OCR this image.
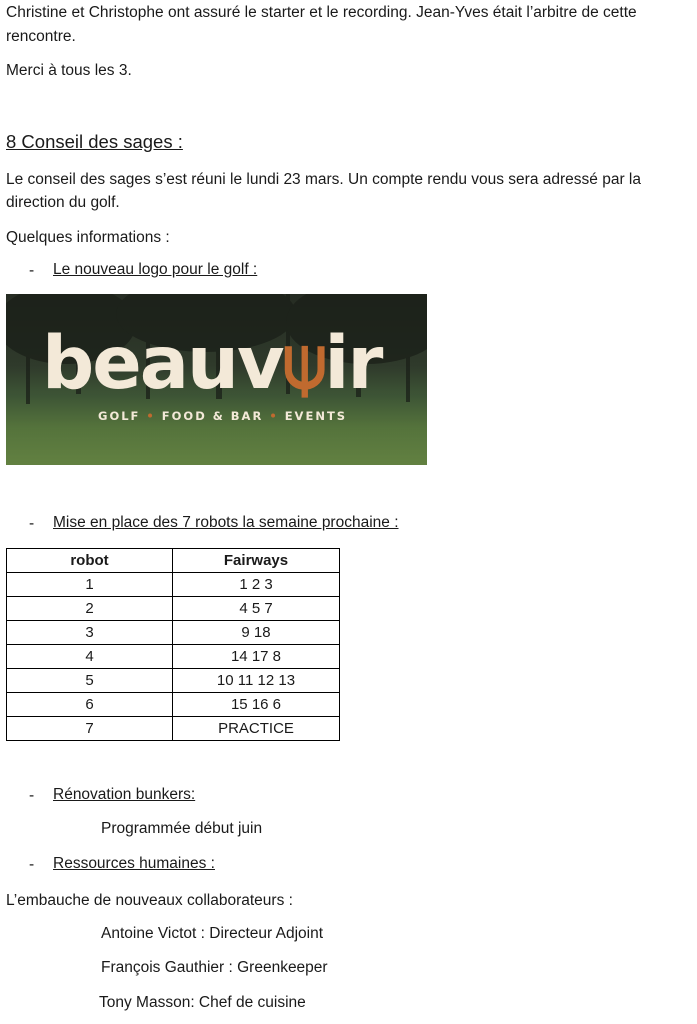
Christine et Christophe ont assuré le starter et le recording. Jean-Yves était l’arbitre de cette
rencontre.
Merci à tous les 3.
8 Conseil des sages :
Le conseil des sages s’est réuni le lundi 23 mars. Un compte rendu vous sera adressé par la
direction du golf.
Quelques informations :
- Le nouveau logo pour le golf :
beauv⍦ir
GOLF • FOOD & BAR • EVENTS
- Mise en place des 7 robots la semaine prochaine :
robot	Fairways
1	1 2 3
2	4 5 7
3	9 18
4	14 17 8
5	10 11 12 13
6	15 16 6
7	PRACTICE
- Rénovation bunkers:
Programmée début juin
- Ressources humaines :
L’embauche de nouveaux collaborateurs :
Antoine Victot : Directeur Adjoint
François Gauthier : Greenkeeper
Tony Masson: Chef de cuisine
